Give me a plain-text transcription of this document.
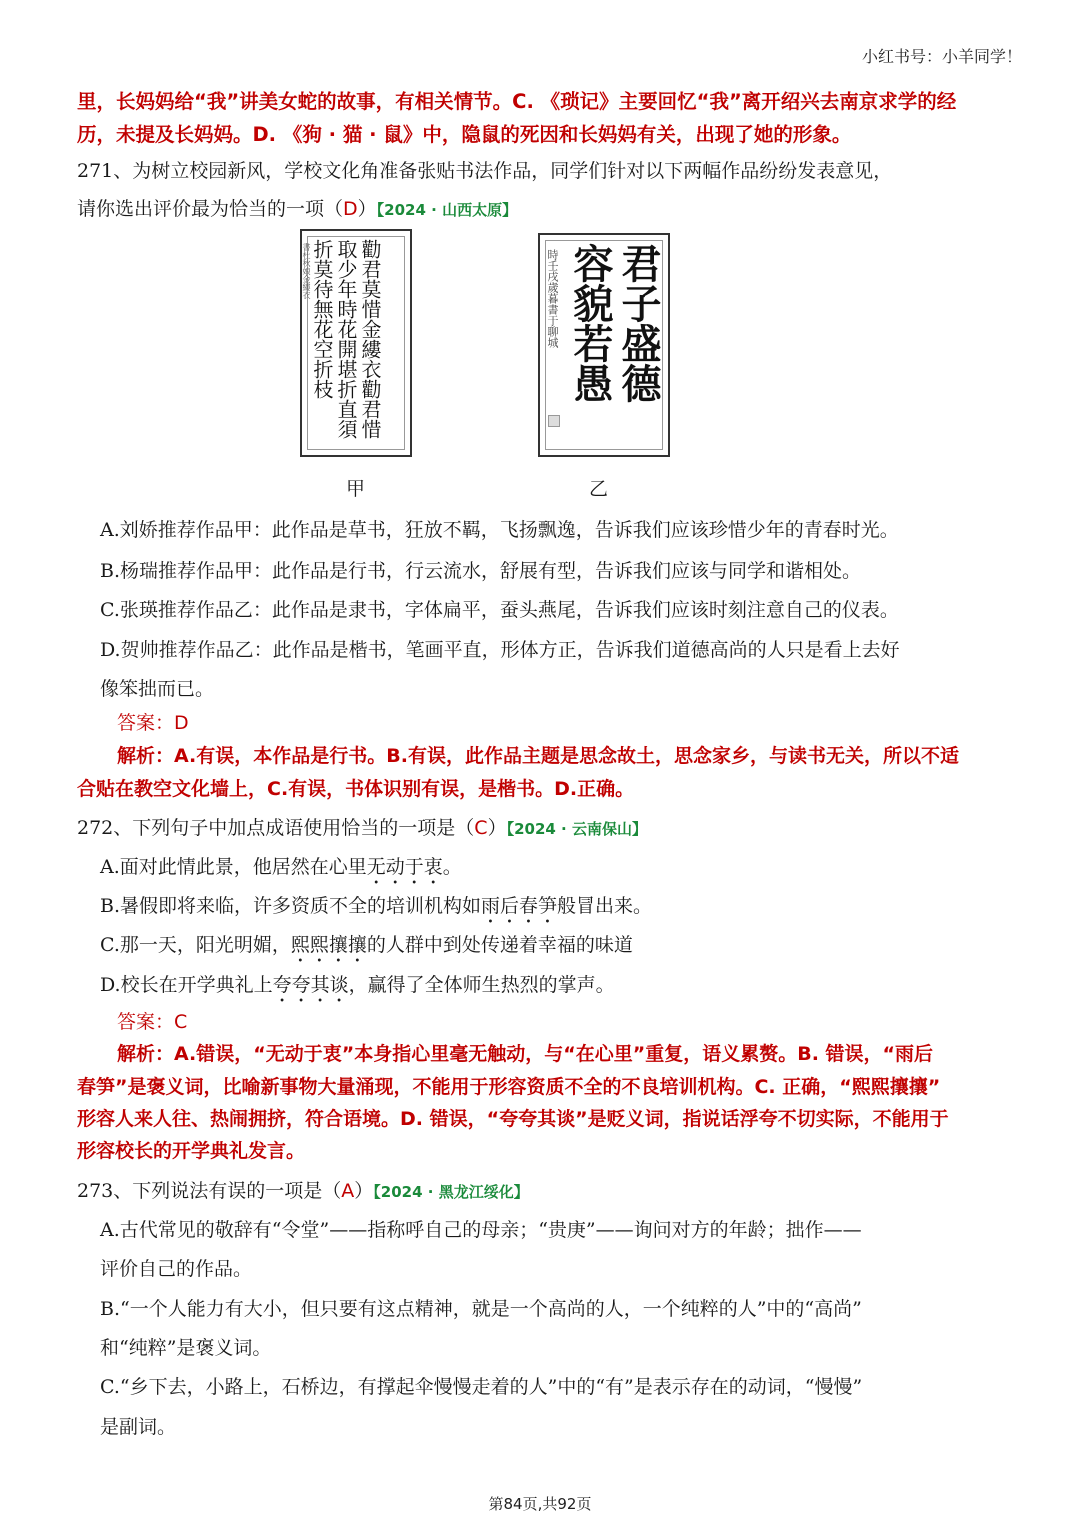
小红书号：小羊同学！
里，长妈妈给“我”讲美女蛇的故事，有相关情节。C. 《琐记》主要回忆“我”离开绍兴去南京求学的经
历，未提及长妈妈。D. 《狗 · 猫 · 鼠》中，隐鼠的死因和长妈妈有关，出现了她的形象。
271、为树立校园新风，学校文化角准备张贴书法作品，同学们针对以下两幅作品纷纷发表意见，
请你选出评价最为恰当的一项（D）【2024 · 山西太原】
勸君莫惜金縷衣勸君惜
取少年時花開堪折直須
折莫待無花空折枝
書杜秋娘金縷衣
甲
君子盛德
容貌若愚
時壬戌歲暮書于聊城
乙
A.刘娇推荐作品甲：此作品是草书，狂放不羁，飞扬飘逸，告诉我们应该珍惜少年的青春时光。
B.杨瑞推荐作品甲：此作品是行书，行云流水，舒展有型，告诉我们应该与同学和谐相处。
C.张瑛推荐作品乙：此作品是隶书，字体扁平，蚕头燕尾，告诉我们应该时刻注意自己的仪表。
D.贺帅推荐作品乙：此作品是楷书，笔画平直，形体方正，告诉我们道德高尚的人只是看上去好
像笨拙而已。
答案：D
解析：A.有误，本作品是行书。B.有误，此作品主题是思念故土，思念家乡，与读书无关，所以不适
合贴在教空文化墙上，C.有误，书体识别有误，是楷书。D.正确。
272、下列句子中加点成语使用恰当的一项是（C）【2024 · 云南保山】
A.面对此情此景，他居然在心里无动于衷。
B.暑假即将来临，许多资质不全的培训机构如雨后春笋般冒出来。
C.那一天，阳光明媚，熙熙攘攘的人群中到处传递着幸福的味道
D.校长在开学典礼上夸夸其谈，赢得了全体师生热烈的掌声。
答案：C
解析：A.错误，“无动于衷”本身指心里毫无触动，与“在心里”重复，语义累赘。B. 错误，“雨后
春笋”是褒义词，比喻新事物大量涌现，不能用于形容资质不全的不良培训机构。C. 正确，“熙熙攘攘”
形容人来人往、热闹拥挤，符合语境。D. 错误，“夸夸其谈”是贬义词，指说话浮夸不切实际，不能用于
形容校长的开学典礼发言。
273、下列说法有误的一项是（A）【2024 · 黑龙江绥化】
A.古代常见的敬辞有“令堂”——指称呼自己的母亲；“贵庚”——询问对方的年龄；拙作——
评价自己的作品。
B.“一个人能力有大小，但只要有这点精神，就是一个高尚的人，一个纯粹的人”中的“高尚”
和“纯粹”是褒义词。
C.“乡下去，小路上，石桥边，有撑起伞慢慢走着的人”中的“有”是表示存在的动词，“慢慢”
是副词。
第84页,共92页
